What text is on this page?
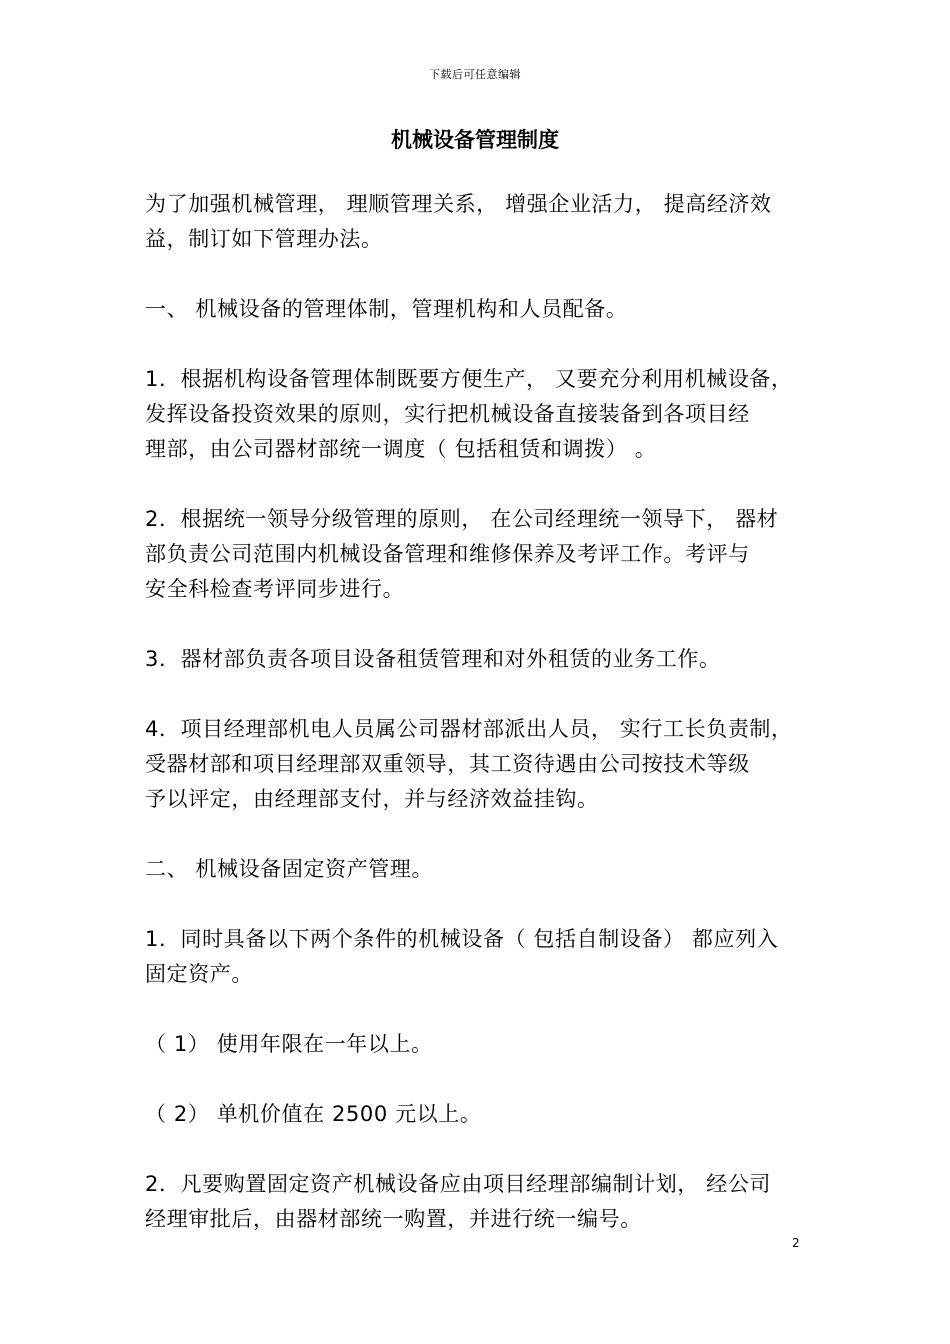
下载后可任意编辑
机械设备管理制度

为了加强机械管理， 理顺管理关系， 增强企业活力， 提高经济效
益，制订如下管理办法。

一、 机械设备的管理体制，管理机构和人员配备。

1．根据机构设备管理体制既要方便生产， 又要充分利用机械设备，
发挥设备投资效果的原则，实行把机械设备直接装备到各项目经
理部，由公司器材部统一调度（ 包括租赁和调拨） 。

2．根据统一领导分级管理的原则， 在公司经理统一领导下， 器材
部负责公司范围内机械设备管理和维修保养及考评工作。考评与
安全科检查考评同步进行。

3．器材部负责各项目设备租赁管理和对外租赁的业务工作。

4．项目经理部机电人员属公司器材部派出人员， 实行工长负责制，
受器材部和项目经理部双重领导，其工资待遇由公司按技术等级
予以评定，由经理部支付，并与经济效益挂钩。

二、 机械设备固定资产管理。

1．同时具备以下两个条件的机械设备（ 包括自制设备） 都应列入
固定资产。

（ 1） 使用年限在一年以上。

（ 2） 单机价值在 2500 元以上。

2．凡要购置固定资产机械设备应由项目经理部编制计划， 经公司
经理审批后，由器材部统一购置，并进行统一编号。

2
